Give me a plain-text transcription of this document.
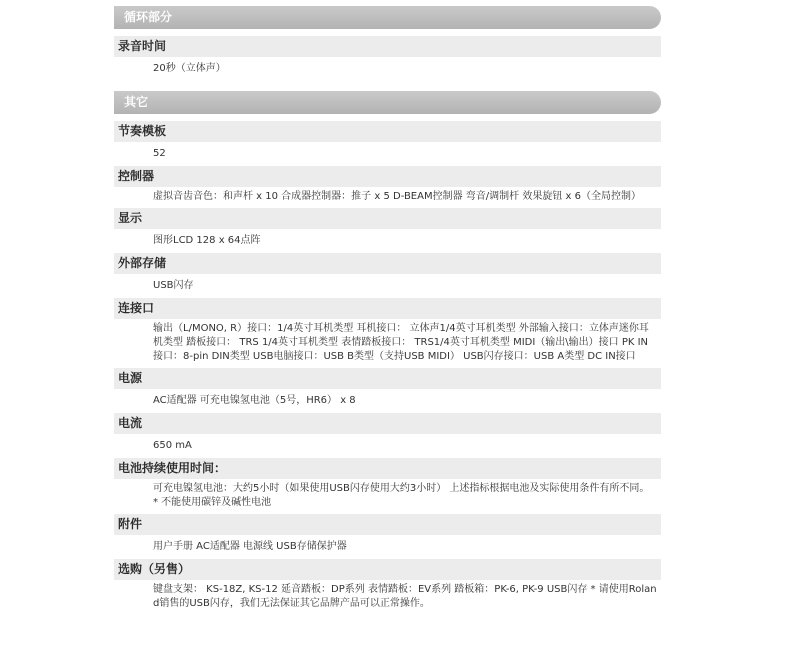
循环部分
录音时间
20秒（立体声）
其它
节奏模板
52
控制器
虚拟音齿音色：和声杆 x 10 合成器控制器：推子 x 5 D-BEAM控制器 弯音/调制杆 效果旋钮 x 6（全局控制）
显示
图形LCD 128 x 64点阵
外部存储
USB闪存
连接口
输出（L/MONO, R）接口：1/4英寸耳机类型 耳机接口： 立体声1/4英寸耳机类型 外部输入接口：立体声迷你耳机类型 踏板接口： TRS 1/4英寸耳机类型 表情踏板接口： TRS1/4英寸耳机类型 MIDI（输出\输出）接口 PK IN接口：8-pin DIN类型 USB电脑接口：USB B类型（支持USB MIDI） USB闪存接口：USB A类型 DC IN接口
电源
AC适配器 可充电镍氢电池（5号，HR6） x 8
电流
650 mA
电池持续使用时间：
可充电镍氢电池：大约5小时（如果使用USB闪存使用大约3小时） 上述指标根据电池及实际使用条件有所不同。 * 不能使用碳锌及碱性电池
附件
用户手册 AC适配器 电源线 USB存储保护器
选购（另售）
键盘支架： KS-18Z, KS-12 延音踏板：DP系列 表情踏板：EV系列 踏板箱：PK-6, PK-9 USB闪存 * 请使用Roland销售的USB闪存，我们无法保证其它品牌产品可以正常操作。
